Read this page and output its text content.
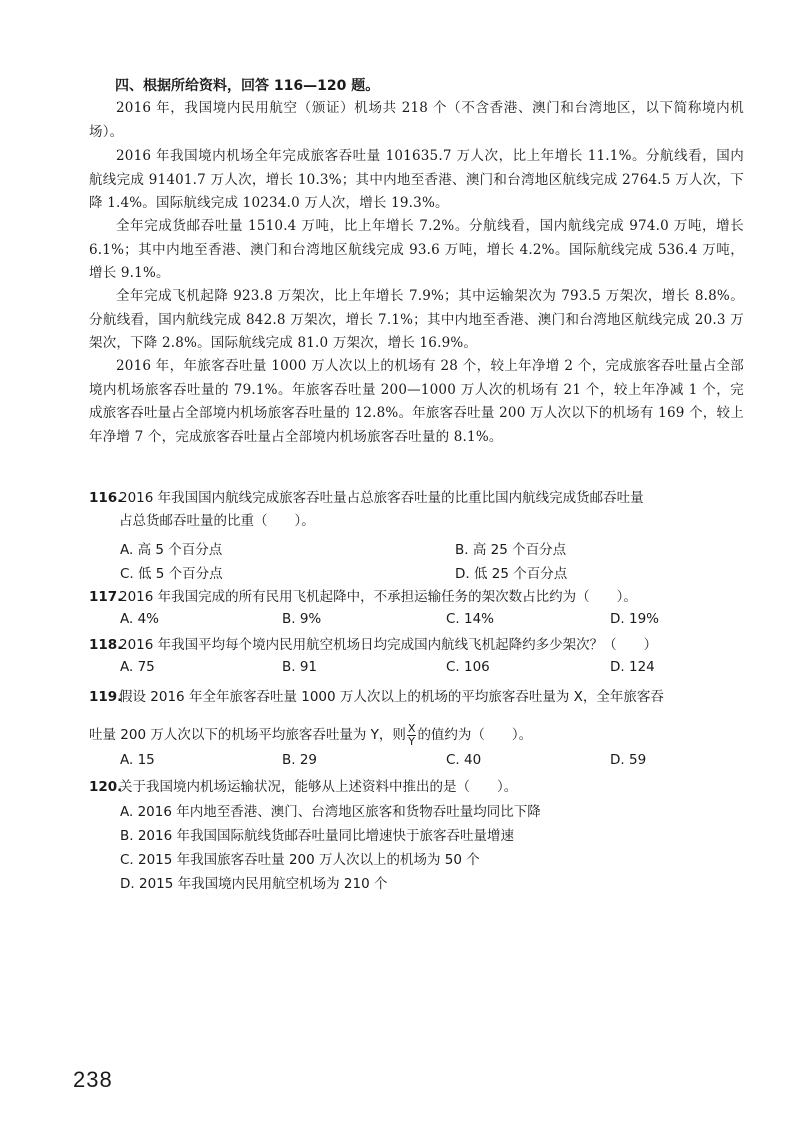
四、根据所给资料，回答 116—120 题。
2016 年，我国境内民用航空（颁证）机场共 218 个（不含香港、澳门和台湾地区，以下简称境内机场）。
2016 年我国境内机场全年完成旅客吞吐量 101635.7 万人次，比上年增长 11.1%。分航线看，国内航线完成 91401.7 万人次，增长 10.3%；其中内地至香港、澳门和台湾地区航线完成 2764.5 万人次，下降 1.4%。国际航线完成 10234.0 万人次，增长 19.3%。
全年完成货邮吞吐量 1510.4 万吨，比上年增长 7.2%。分航线看，国内航线完成 974.0 万吨，增长 6.1%；其中内地至香港、澳门和台湾地区航线完成 93.6 万吨，增长 4.2%。国际航线完成 536.4 万吨，增长 9.1%。
全年完成飞机起降 923.8 万架次，比上年增长 7.9%；其中运输架次为 793.5 万架次，增长 8.8%。分航线看，国内航线完成 842.8 万架次，增长 7.1%；其中内地至香港、澳门和台湾地区航线完成 20.3 万架次，下降 2.8%。国际航线完成 81.0 万架次，增长 16.9%。
2016 年，年旅客吞吐量 1000 万人次以上的机场有 28 个，较上年净增 2 个，完成旅客吞吐量占全部境内机场旅客吞吐量的 79.1%。年旅客吞吐量 200—1000 万人次的机场有 21 个，较上年净减 1 个，完成旅客吞吐量占全部境内机场旅客吞吐量的 12.8%。年旅客吞吐量 200 万人次以下的机场有 169 个，较上年净增 7 个，完成旅客吞吐量占全部境内机场旅客吞吐量的 8.1%。
116.2016 年我国国内航线完成旅客吞吐量占总旅客吞吐量的比重比国内航线完成货邮吞吐量
占总货邮吞吐量的比重（　　）。
A. 高 5 个百分点	B. 高 25 个百分点
C. 低 5 个百分点	D. 低 25 个百分点
117.2016 年我国完成的所有民用飞机起降中，不承担运输任务的架次数占比约为（　　）。
A. 4%	B. 9%	C. 14%	D. 19%
118.2016 年我国平均每个境内民用航空机场日均完成国内航线飞机起降约多少架次？（　　）
A. 75	B. 91	C. 106	D. 124
119.假设 2016 年全年旅客吞吐量 1000 万人次以上的机场的平均旅客吞吐量为 X，全年旅客吞
吐量 200 万人次以下的机场平均旅客吞吐量为 Y，则 $\frac{X}{Y}$ 的值约为（　　）。
A. 15	B. 29	C. 40	D. 59
120.关于我国境内机场运输状况，能够从上述资料中推出的是（　　）。
A. 2016 年内地至香港、澳门、台湾地区旅客和货物吞吐量均同比下降
B. 2016 年我国国际航线货邮吞吐量同比增速快于旅客吞吐量增速
C. 2015 年我国旅客吞吐量 200 万人次以上的机场为 50 个
D. 2015 年我国境内民用航空机场为 210 个
238
